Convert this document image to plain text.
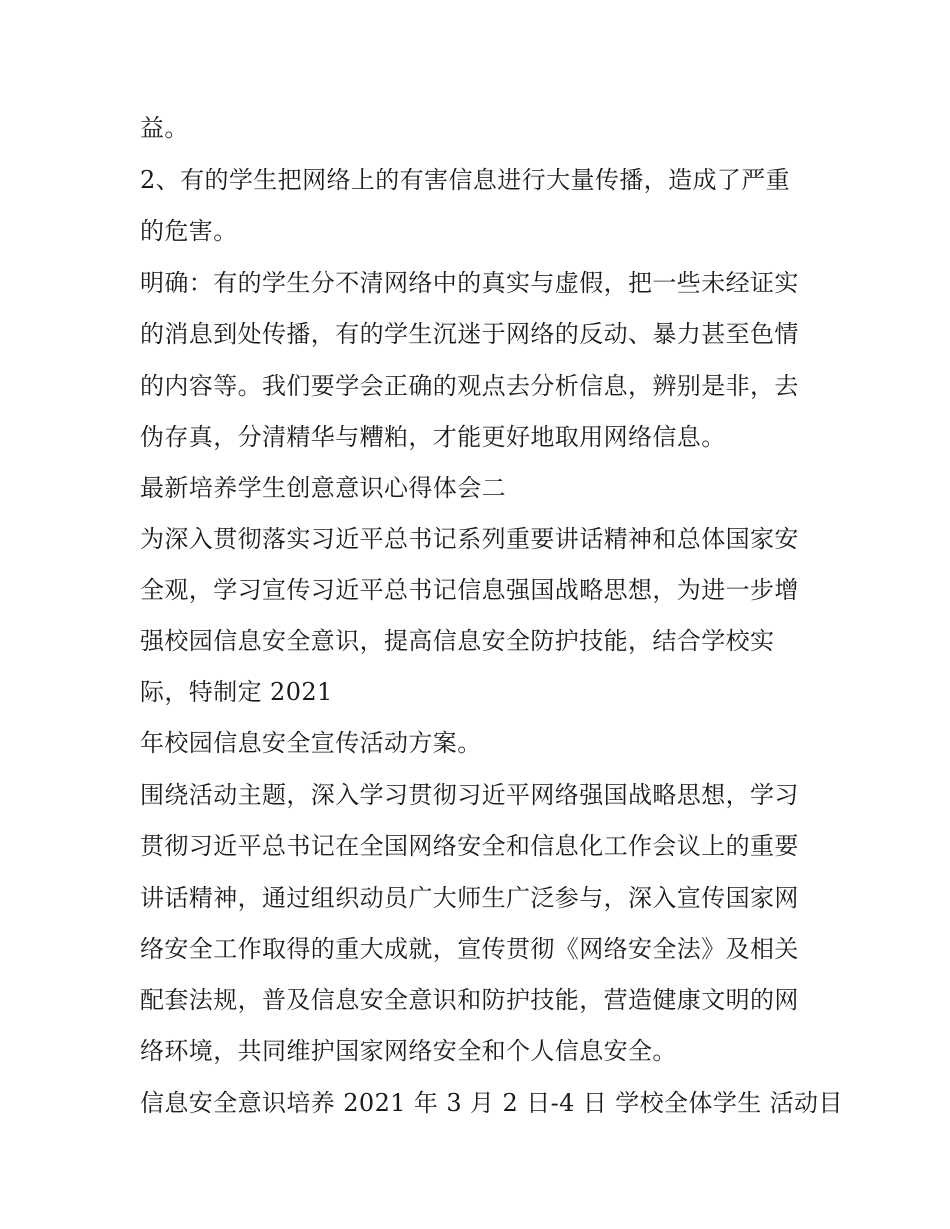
益。
2、有的学生把网络上的有害信息进行大量传播，造成了严重
的危害。
明确：有的学生分不清网络中的真实与虚假，把一些未经证实
的消息到处传播，有的学生沉迷于网络的反动、暴力甚至色情
的内容等。我们要学会正确的观点去分析信息，辨别是非，去
伪存真，分清精华与糟粕，才能更好地取用网络信息。
最新培养学生创意意识心得体会二
为深入贯彻落实习近平总书记系列重要讲话精神和总体国家安
全观，学习宣传习近平总书记信息强国战略思想，为进一步增
强校园信息安全意识，提高信息安全防护技能，结合学校实
际，特制定 2021
年校园信息安全宣传活动方案。
围绕活动主题，深入学习贯彻习近平网络强国战略思想，学习
贯彻习近平总书记在全国网络安全和信息化工作会议上的重要
讲话精神，通过组织动员广大师生广泛参与，深入宣传国家网
络安全工作取得的重大成就，宣传贯彻《网络安全法》及相关
配套法规，普及信息安全意识和防护技能，营造健康文明的网
络环境，共同维护国家网络安全和个人信息安全。
信息安全意识培养 2021 年 3 月 2 日-4 日 学校全体学生 活动目
